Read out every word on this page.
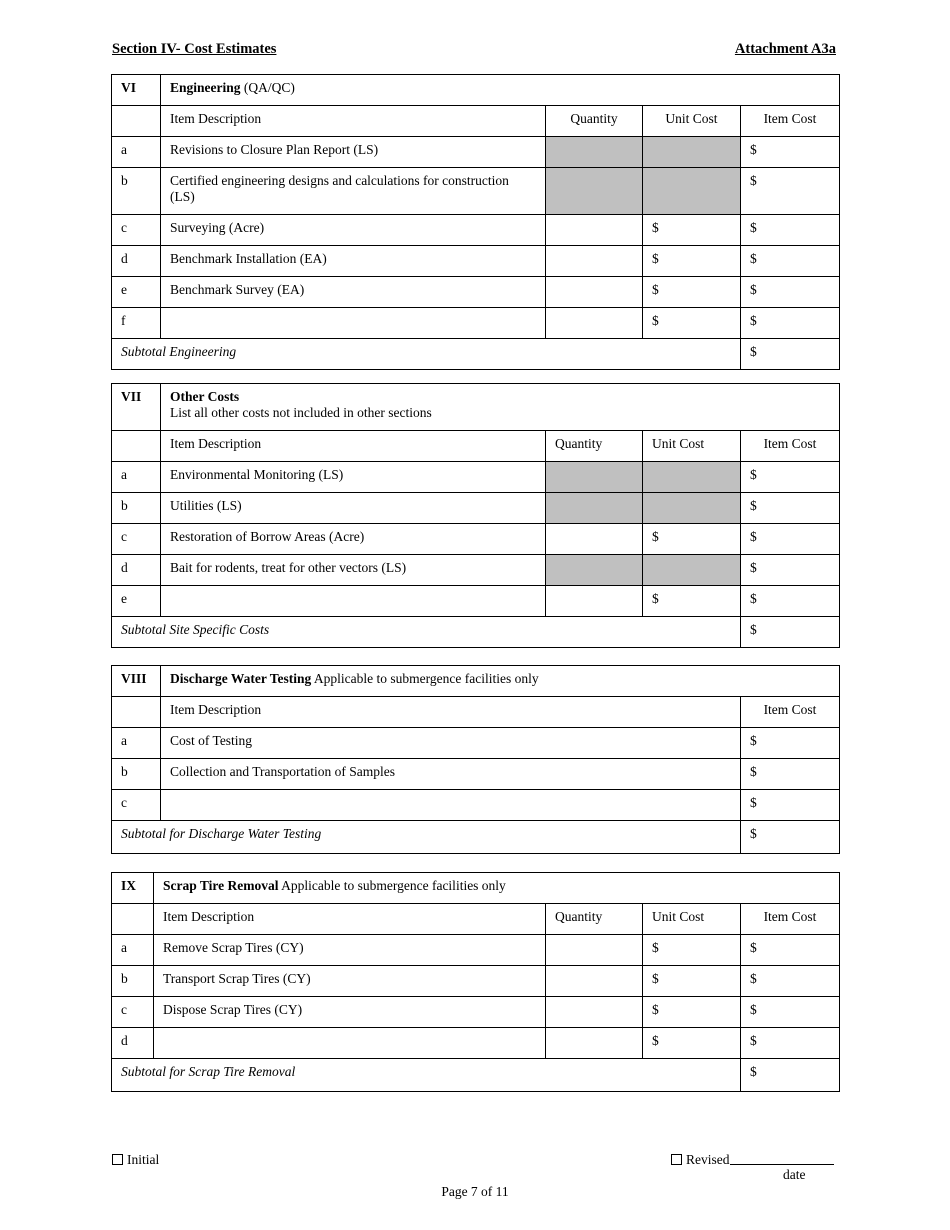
Section IV- Cost Estimates	Attachment A3a
VI	Engineering (QA/QC)			
	Item Description	Quantity	Unit Cost	Item Cost
a	Revisions to Closure Plan Report (LS)			$
b	Certified engineering designs and calculations for construction (LS)			$
c	Surveying (Acre)		$	$
d	Benchmark Installation (EA)		$	$
e	Benchmark Survey (EA)		$	$
f			$	$
Subtotal Engineering				$
VII	Other Costs
List all other costs not included in other sections			

	Item Description	Quantity	Unit Cost	Item Cost
a	Environmental Monitoring (LS)			$
b	Utilities (LS)			$
c	Restoration of Borrow Areas (Acre)		$	$
d	Bait for rodents, treat for other vectors (LS)			$
e			$	$
Subtotal Site Specific Costs				$
VIII	Discharge Water Testing Applicable to submergence facilities only	
	Item Description	Item Cost
a	Cost of Testing	$
b	Collection and Transportation of Samples	$
c		$
Subtotal for Discharge Water Testing		$
IX	Scrap Tire Removal Applicable to submergence facilities only			
	Item Description	Quantity	Unit Cost	Item Cost
a	Remove Scrap Tires (CY)		$	$
b	Transport Scrap Tires (CY)		$	$
c	Dispose Scrap Tires (CY)		$	$
d			$	$
Subtotal for Scrap Tire Removal				$
Initial	Revised
date
Page 7 of 11
